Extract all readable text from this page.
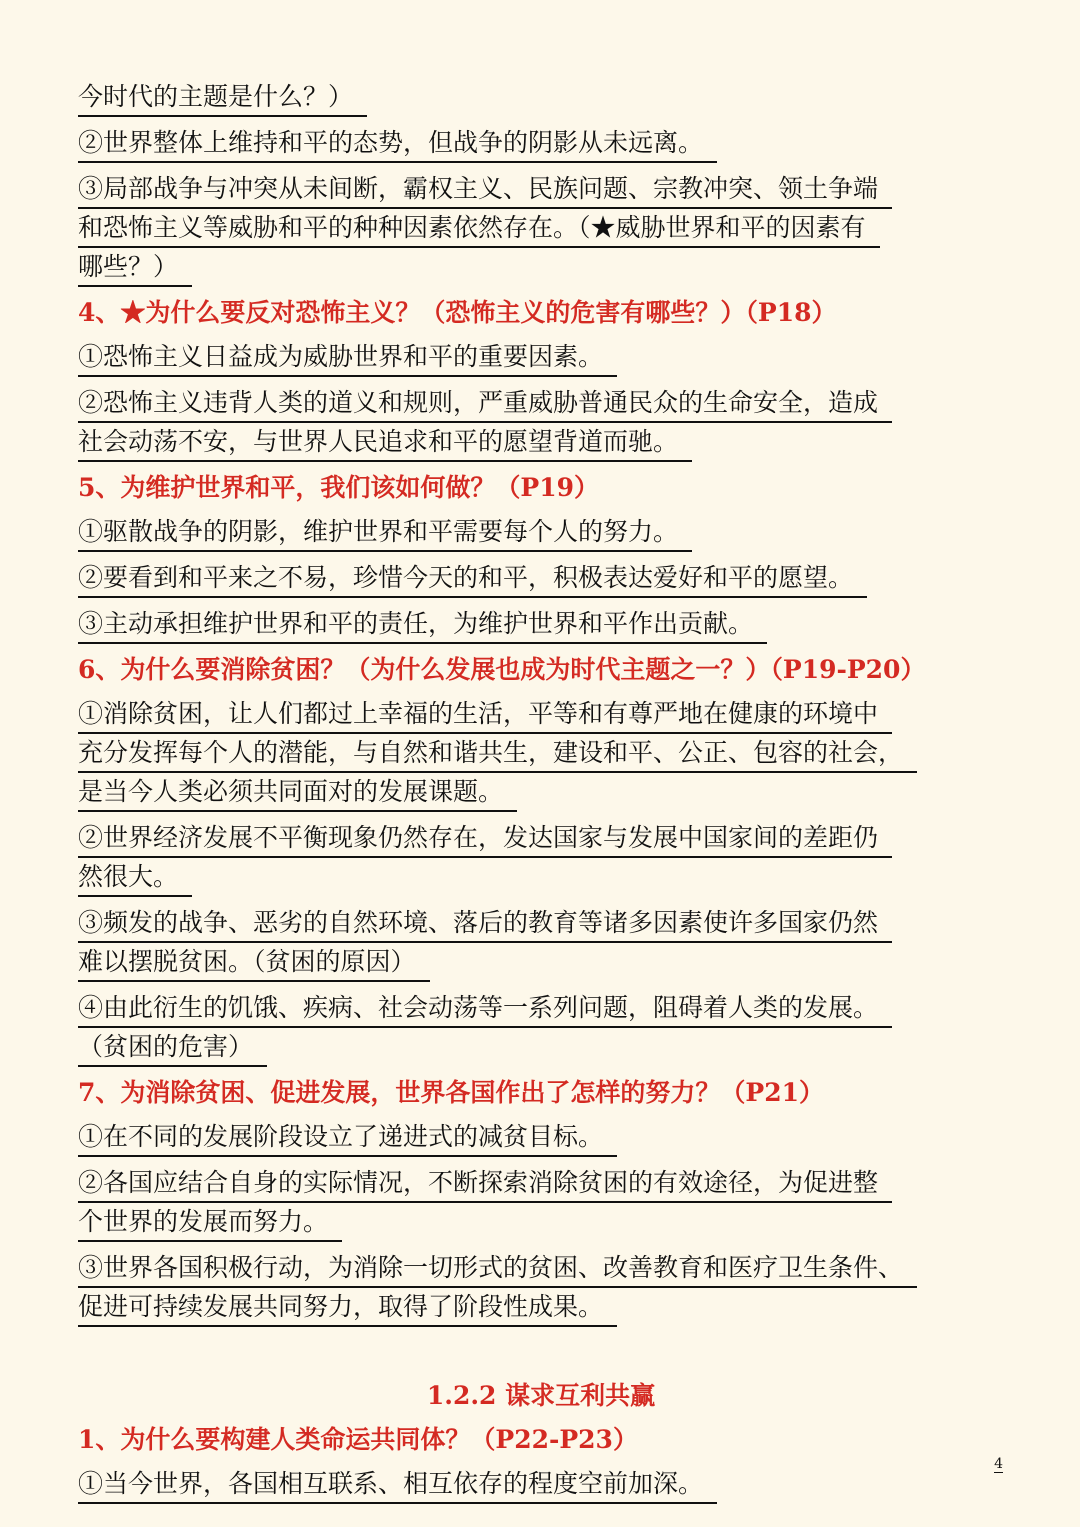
今时代的主题是什么？）
②世界整体上维持和平的态势，但战争的阴影从未远离。
③局部战争与冲突从未间断，霸权主义、民族问题、宗教冲突、领土争端
和恐怖主义等威胁和平的种种因素依然存在。（★威胁世界和平的因素有
哪些？）
4、★为什么要反对恐怖主义？（恐怖主义的危害有哪些？）（P18）
①恐怖主义日益成为威胁世界和平的重要因素。
②恐怖主义违背人类的道义和规则，严重威胁普通民众的生命安全，造成
社会动荡不安，与世界人民追求和平的愿望背道而驰。
5、为维护世界和平，我们该如何做？（P19）
①驱散战争的阴影，维护世界和平需要每个人的努力。
②要看到和平来之不易，珍惜今天的和平，积极表达爱好和平的愿望。
③主动承担维护世界和平的责任，为维护世界和平作出贡献。
6、为什么要消除贫困？（为什么发展也成为时代主题之一？）（P19-P20）
①消除贫困，让人们都过上幸福的生活，平等和有尊严地在健康的环境中
充分发挥每个人的潜能，与自然和谐共生，建设和平、公正、包容的社会，
是当今人类必须共同面对的发展课题。
②世界经济发展不平衡现象仍然存在，发达国家与发展中国家间的差距仍
然很大。
③频发的战争、恶劣的自然环境、落后的教育等诸多因素使许多国家仍然
难以摆脱贫困。（贫困的原因）
④由此衍生的饥饿、疾病、社会动荡等一系列问题，阻碍着人类的发展。
（贫困的危害）
7、为消除贫困、促进发展，世界各国作出了怎样的努力？（P21）
①在不同的发展阶段设立了递进式的减贫目标。
②各国应结合自身的实际情况，不断探索消除贫困的有效途径，为促进整
个世界的发展而努力。
③世界各国积极行动，为消除一切形式的贫困、改善教育和医疗卫生条件、
促进可持续发展共同努力，取得了阶段性成果。
1.2.2 谋求互利共赢
1、为什么要构建人类命运共同体？（P22-P23）
①当今世界，各国相互联系、相互依存的程度空前加深。
4
